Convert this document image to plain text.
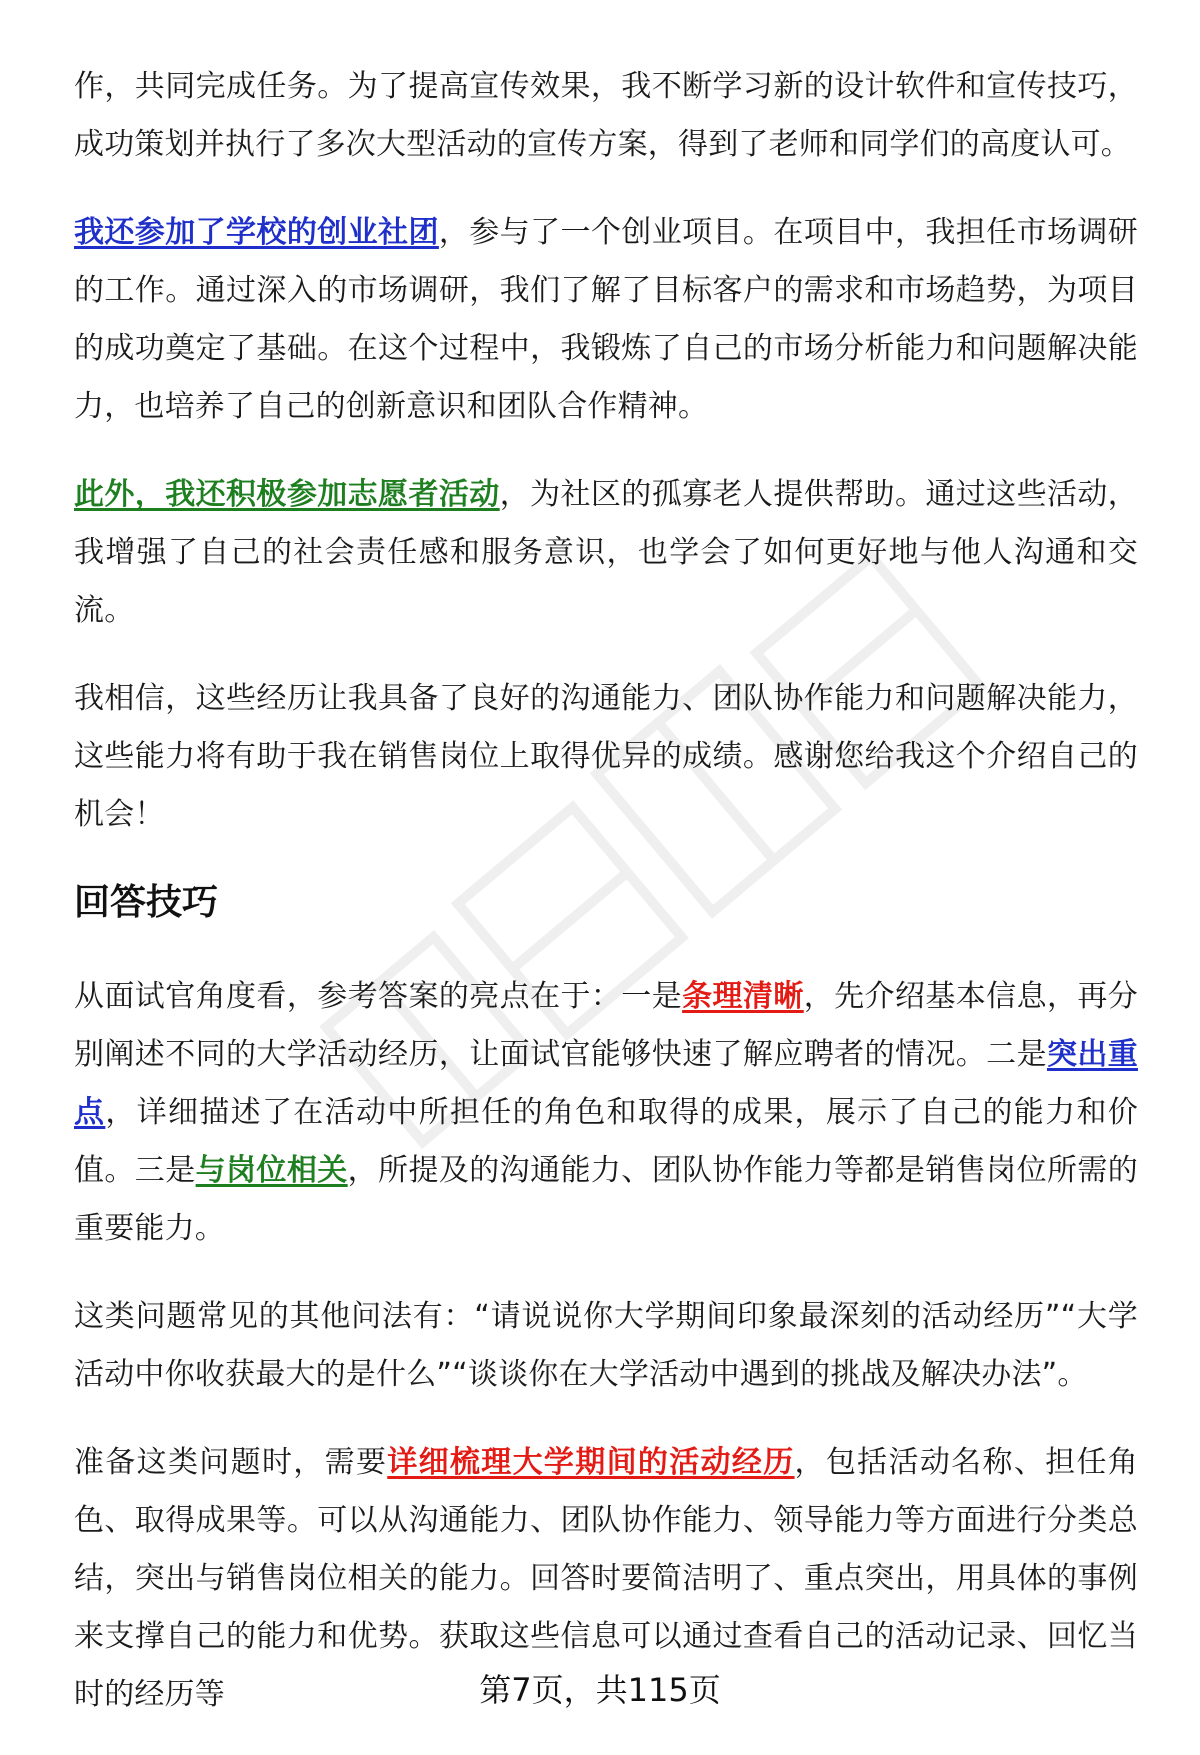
作，共同完成任务。为了提高宣传效果，我不断学习新的设计软件和宣传技巧，成功策划并执行了多次大型活动的宣传方案，得到了老师和同学们的高度认可。

我还参加了学校的创业社团，参与了一个创业项目。在项目中，我担任市场调研的工作。通过深入的市场调研，我们了解了目标客户的需求和市场趋势，为项目的成功奠定了基础。在这个过程中，我锻炼了自己的市场分析能力和问题解决能力，也培养了自己的创新意识和团队合作精神。

此外，我还积极参加志愿者活动，为社区的孤寡老人提供帮助。通过这些活动，我增强了自己的社会责任感和服务意识，也学会了如何更好地与他人沟通和交流。

我相信，这些经历让我具备了良好的沟通能力、团队协作能力和问题解决能力，这些能力将有助于我在销售岗位上取得优异的成绩。感谢您给我这个介绍自己的机会！

回答技巧

从面试官角度看，参考答案的亮点在于：一是条理清晰，先介绍基本信息，再分别阐述不同的大学活动经历，让面试官能够快速了解应聘者的情况。二是突出重点，详细描述了在活动中所担任的角色和取得的成果，展示了自己的能力和价值。三是与岗位相关，所提及的沟通能力、团队协作能力等都是销售岗位所需的重要能力。

这类问题常见的其他问法有：“请说说你大学期间印象最深刻的活动经历”“大学活动中你收获最大的是什么”“谈谈你在大学活动中遇到的挑战及解决办法”。

准备这类问题时，需要详细梳理大学期间的活动经历，包括活动名称、担任角色、取得成果等。可以从沟通能力、团队协作能力、领导能力等方面进行分类总结，突出与销售岗位相关的能力。回答时要简洁明了、重点突出，用具体的事例来支撑自己的能力和优势。获取这些信息可以通过查看自己的活动记录、回忆当时的经历等	第7页，共115页
